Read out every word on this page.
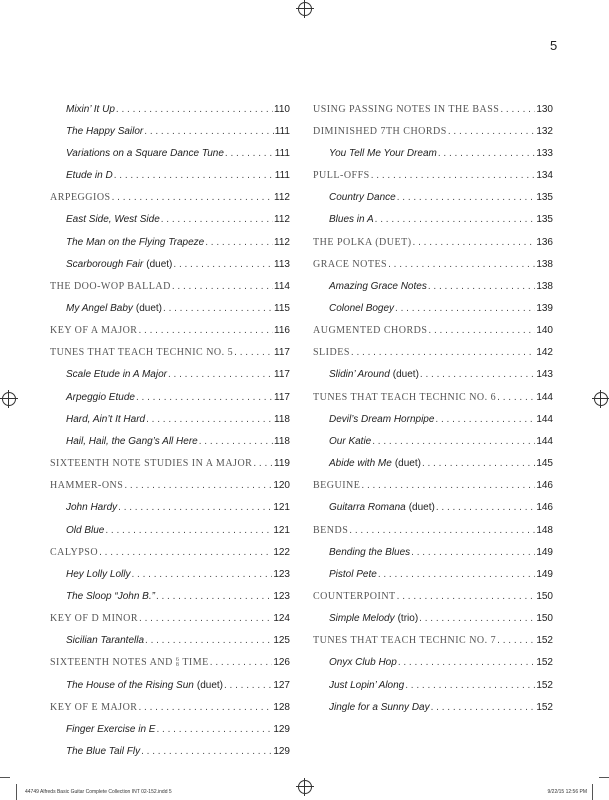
5
Mixin’ It Up . . .	110
The Happy Sailor . . .	111
Variations on a Square Dance Tune . . .	111
Etude in D . . .	111
ARPEGGIOS . . .	112
East Side, West Side . . .	112
The Man on the Flying Trapeze . . .	112
Scarborough Fair (duet) . . .	113
THE DOO-WOP BALLAD . . .	114
My Angel Baby (duet) . . .	115
KEY OF A MAJOR . . .	116
TUNES THAT TEACH TECHNIC NO. 5 . . .	117
Scale Etude in A Major . . .	117
Arpeggio Etude . . .	117
Hard, Ain’t It Hard . . .	118
Hail, Hail, the Gang’s All Here . . .	118
SIXTEENTH NOTE STUDIES IN A MAJOR . . . 119
HAMMER-ONS . . .	120
John Hardy . . .	121
Old Blue . . .	121
CALYPSO . . .	122
Hey Lolly Lolly . . .	123
The Sloop “John B.” . . .	123
KEY OF D MINOR . . .	124
Sicilian Tarantella . . .	125
SIXTEENTH NOTES AND 6
8 TIME . . .	126
The House of the Rising Sun (duet) . . .	127
KEY OF E MAJOR . . .	128
Finger Exercise in E . . .	129
The Blue Tail Fly . . .	129
USING PASSING NOTES IN THE BASS . . .	130
DIMINISHED 7TH CHORDS . . .	132
You Tell Me Your Dream . . .	133
PULL-OFFS . . .	134
Country Dance . . .	135
Blues in A . . .	135
THE POLKA (DUET) . . .	136
GRACE NOTES . . .	138
Amazing Grace Notes . . .	138
Colonel Bogey . . .	139
AUGMENTED CHORDS . . .	140
SLIDES . . .	142
Slidin’ Around (duet) . . .	143
TUNES THAT TEACH TECHNIC NO. 6 . . .	144
Devil’s Dream Hornpipe . . .	144
Our Katie . . .	144
Abide with Me (duet) . . .	145
BEGUINE . . .	146
Guitarra Romana (duet) . . .	146
BENDS . . .	148
Bending the Blues . . .	149
Pistol Pete . . .	149
COUNTERPOINT . . .	150
Simple Melody (trio) . . .	150
TUNES THAT TEACH TECHNIC NO. 7 . . .	152
Onyx Club Hop . . .	152
Just Lopin’ Along . . .	152
Jingle for a Sunny Day . . .	152
44749 Alfreds Basic Guitar Complete Collection INT 02-152.indd 5	9/22/15 12:56 PM
